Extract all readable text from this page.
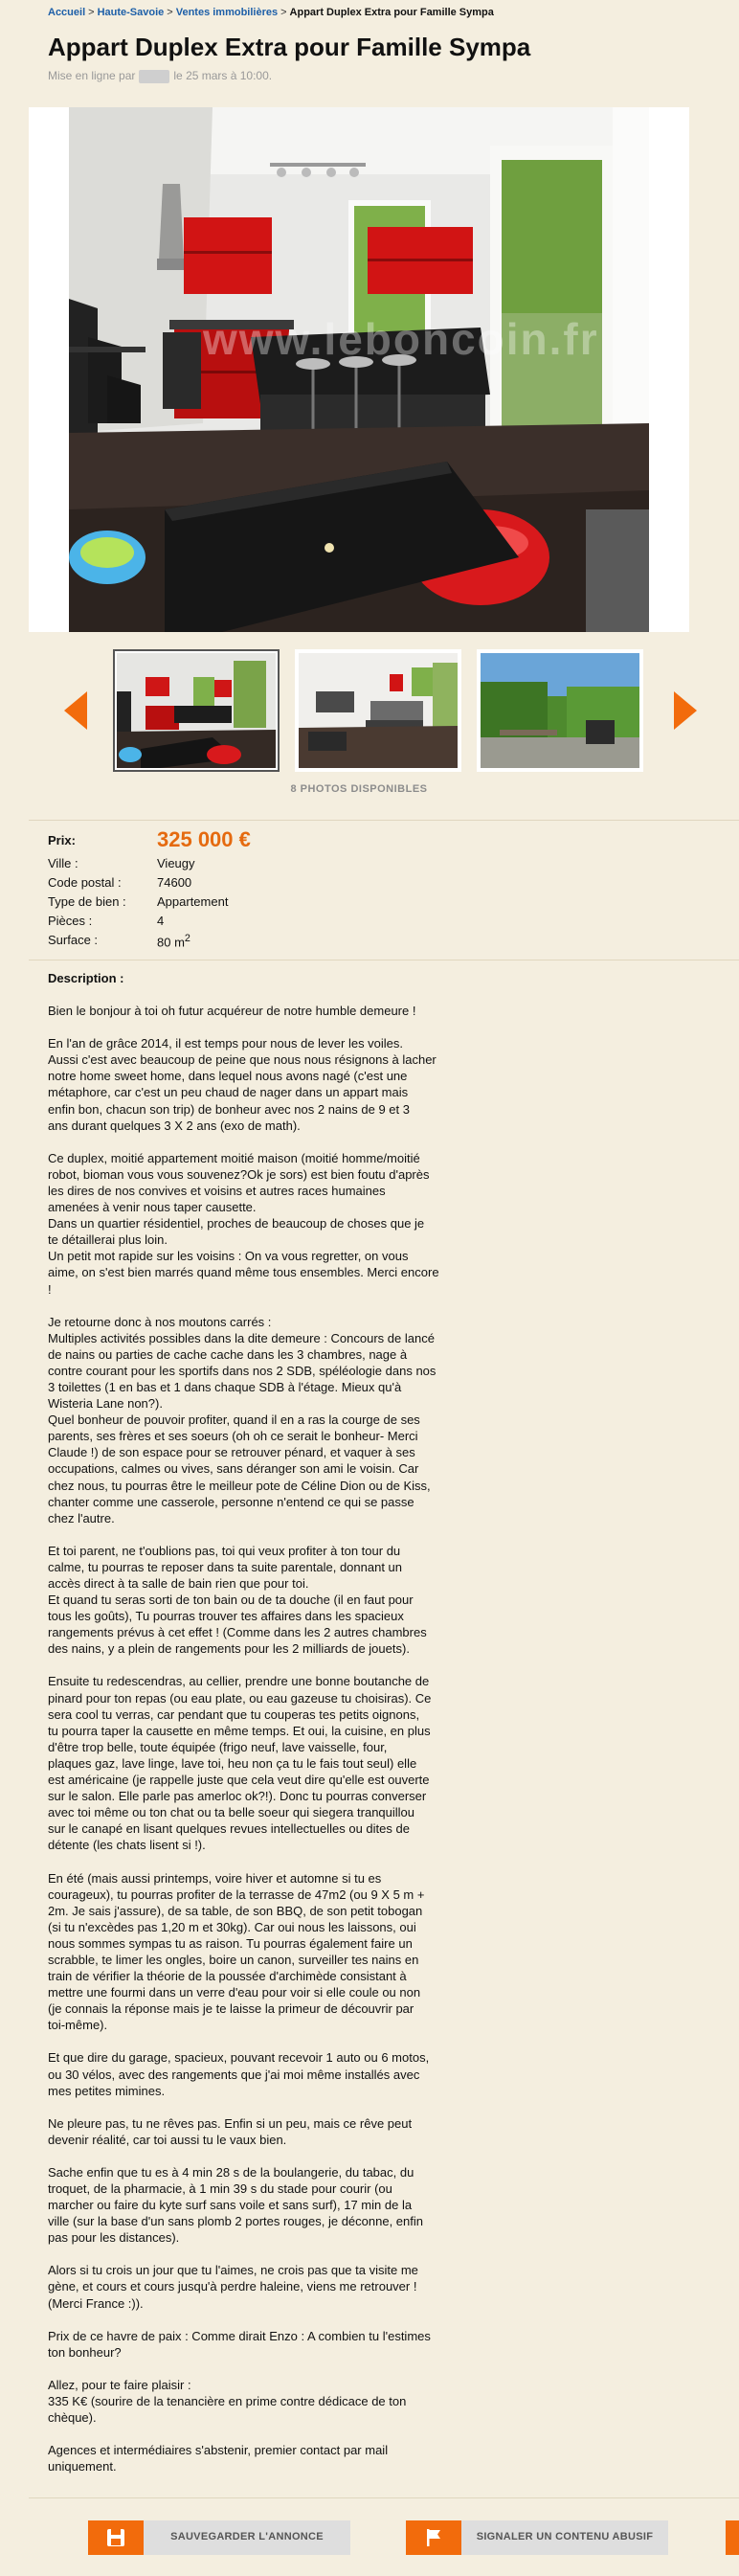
Accueil > Haute-Savoie > Ventes immobilières > Appart Duplex Extra pour Famille Sympa
Appart Duplex Extra pour Famille Sympa
Mise en ligne par	le 25 mars à 10:00.
www.leboncoin.fr
8 PHOTOS DISPONIBLES
Prix:	325 000 €
Ville :	Vieugy
Code postal :	74600
Type de bien : Appartement
Pièces :	4
Surface :	80 $m^2$
Description :
Bien le bonjour à toi oh futur acquéreur de notre humble demeure !
En l'an de grâce 2014, il est temps pour nous de lever les voiles.
Aussi c'est avec beaucoup de peine que nous nous résignons à lacher
notre home sweet home, dans lequel nous avons nagé (c'est une
métaphore, car c'est un peu chaud de nager dans un appart mais
enfin bon, chacun son trip) de bonheur avec nos 2 nains de 9 et 3
ans durant quelques 3 X 2 ans (exo de math).
Ce duplex, moitié appartement moitié maison (moitié homme/moitié
robot, bioman vous vous souvenez?Ok je sors) est bien foutu d'après
les dires de nos convives et voisins et autres races humaines
amenées à venir nous taper causette.
Dans un quartier résidentiel, proches de beaucoup de choses que je
te détaillerai plus loin.
Un petit mot rapide sur les voisins : On va vous regretter, on vous
aime, on s'est bien marrés quand même tous ensembles. Merci encore
!
Je retourne donc à nos moutons carrés :
Multiples activités possibles dans la dite demeure : Concours de lancé
de nains ou parties de cache cache dans les 3 chambres, nage à
contre courant pour les sportifs dans nos 2 SDB, spéléologie dans nos
3 toilettes (1 en bas et 1 dans chaque SDB à l'étage. Mieux qu'à
Wisteria Lane non?).
Quel bonheur de pouvoir profiter, quand il en a ras la courge de ses
parents, ses frères et ses soeurs (oh oh ce serait le bonheur- Merci
Claude !) de son espace pour se retrouver pénard, et vaquer à ses
occupations, calmes ou vives, sans déranger son ami le voisin. Car
chez nous, tu pourras être le meilleur pote de Céline Dion ou de Kiss,
chanter comme une casserole, personne n'entend ce qui se passe
chez l'autre.
Et toi parent, ne t'oublions pas, toi qui veux profiter à ton tour du
calme, tu pourras te reposer dans ta suite parentale, donnant un
accès direct à ta salle de bain rien que pour toi.
Et quand tu seras sorti de ton bain ou de ta douche (il en faut pour
tous les goûts), Tu pourras trouver tes affaires dans les spacieux
rangements prévus à cet effet ! (Comme dans les 2 autres chambres
des nains, y a plein de rangements pour les 2 milliards de jouets).
Ensuite tu redescendras, au cellier, prendre une bonne boutanche de
pinard pour ton repas (ou eau plate, ou eau gazeuse tu choisiras). Ce
sera cool tu verras, car pendant que tu couperas tes petits oignons,
tu pourra taper la causette en même temps. Et oui, la cuisine, en plus
d'être trop belle, toute équipée (frigo neuf, lave vaisselle, four,
plaques gaz, lave linge, lave toi, heu non ça tu le fais tout seul) elle
est américaine (je rappelle juste que cela veut dire qu'elle est ouverte
sur le salon. Elle parle pas amerloc ok?!). Donc tu pourras converser
avec toi même ou ton chat ou ta belle soeur qui siegera tranquillou
sur le canapé en lisant quelques revues intellectuelles ou dites de
détente (les chats lisent si !).
En été (mais aussi printemps, voire hiver et automne si tu es
courageux), tu pourras profiter de la terrasse de 47m2 (ou 9 X 5 m +
2m. Je sais j'assure), de sa table, de son BBQ, de son petit tobogan
(si tu n'excèdes pas 1,20 m et 30kg). Car oui nous les laissons, oui
nous sommes sympas tu as raison. Tu pourras également faire un
scrabble, te limer les ongles, boire un canon, surveiller tes nains en
train de vérifier la théorie de la poussée d'archimède consistant à
mettre une fourmi dans un verre d'eau pour voir si elle coule ou non
(je connais la réponse mais je te laisse la primeur de découvrir par
toi-même).
Et que dire du garage, spacieux, pouvant recevoir 1 auto ou 6 motos,
ou 30 vélos, avec des rangements que j'ai moi même installés avec
mes petites mimines.
Ne pleure pas, tu ne rêves pas. Enfin si un peu, mais ce rêve peut
devenir réalité, car toi aussi tu le vaux bien.
Sache enfin que tu es à 4 min 28 s de la boulangerie, du tabac, du
troquet, de la pharmacie, à 1 min 39 s du stade pour courir (ou
marcher ou faire du kyte surf sans voile et sans surf), 17 min de la
ville (sur la base d'un sans plomb 2 portes rouges, je déconne, enfin
pas pour les distances).
Alors si tu crois un jour que tu l'aimes, ne crois pas que ta visite me
gène, et cours et cours jusqu'à perdre haleine, viens me retrouver !
(Merci France :)).
Prix de ce havre de paix : Comme dirait Enzo : A combien tu l'estimes
ton bonheur?
Allez, pour te faire plaisir :
335 K€ (sourire de la tenancière en prime contre dédicace de ton
chèque).
Agences et intermédiaires s'abstenir, premier contact par mail
uniquement.
SAUVEGARDER L'ANNONCE	SIGNALER UN CONTENU ABUSIF
